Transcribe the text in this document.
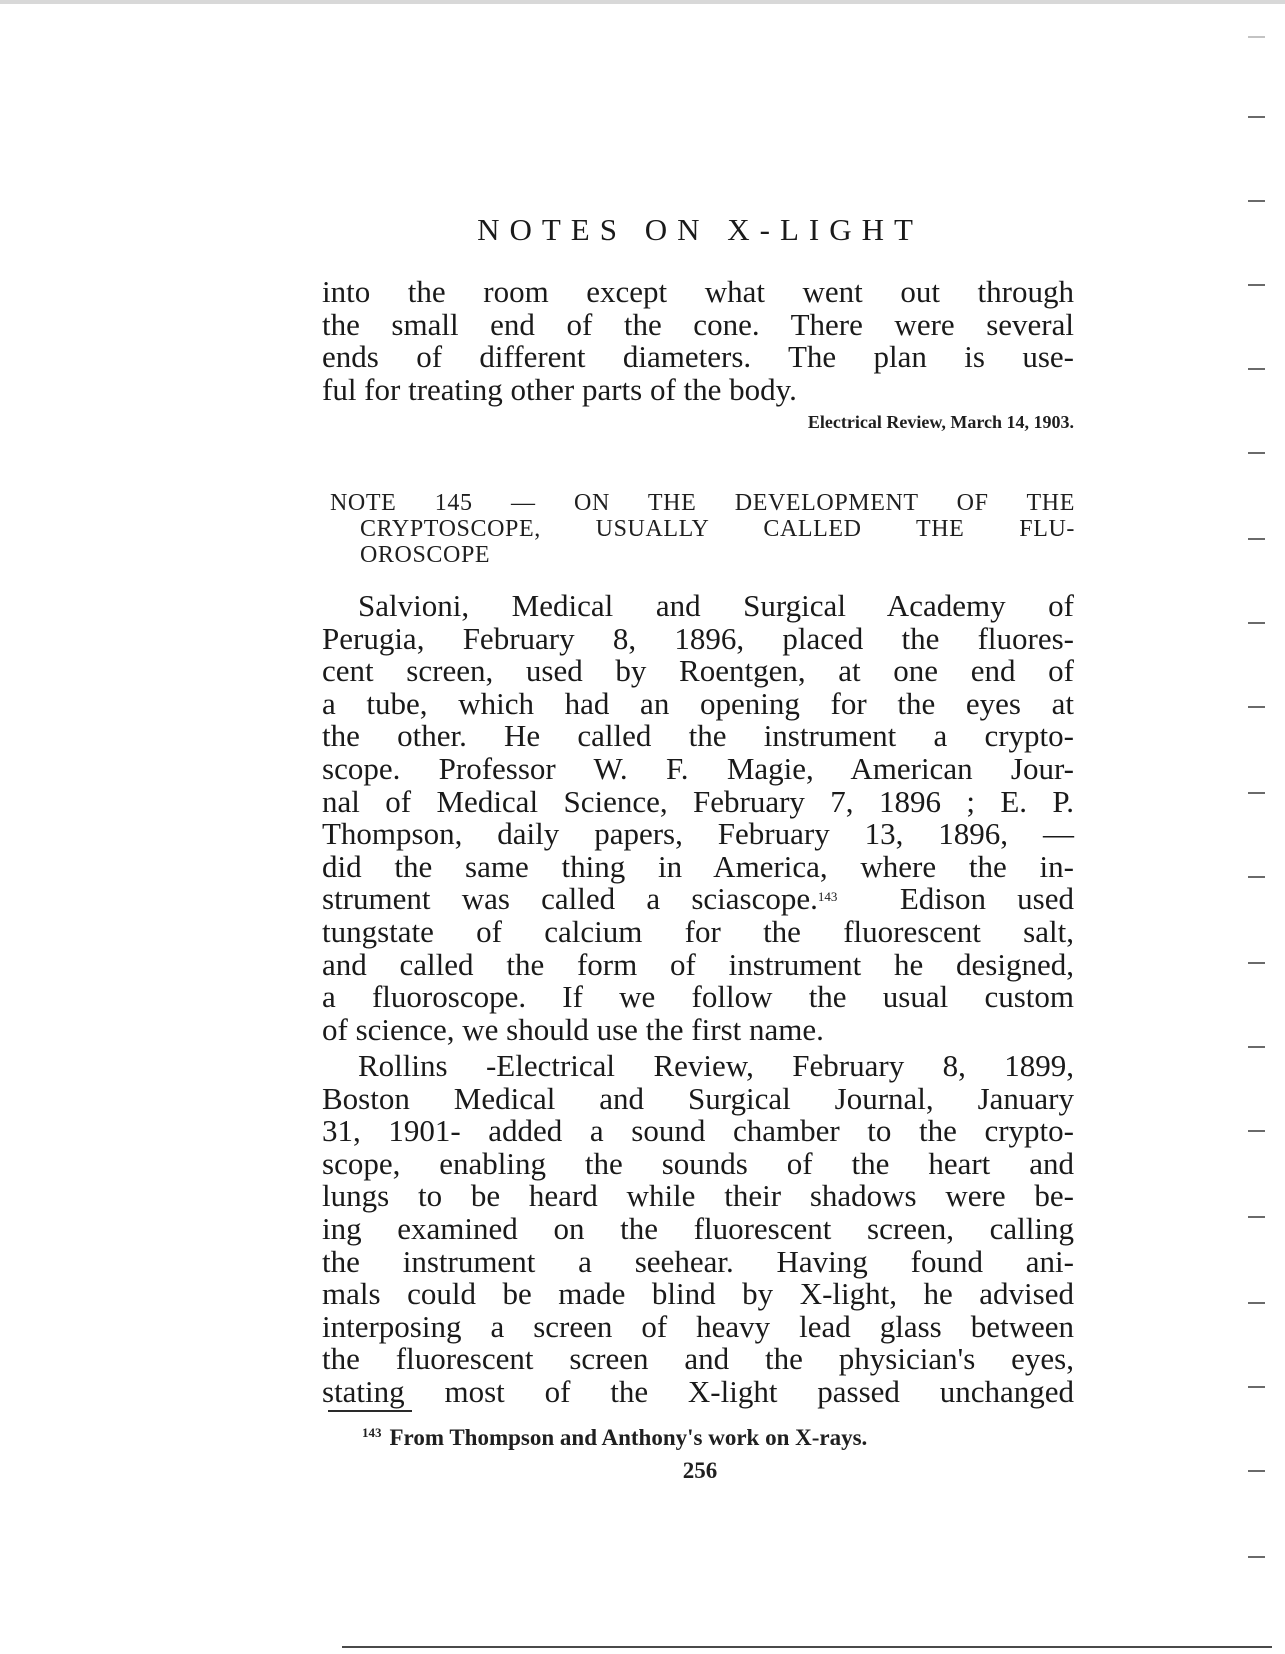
NOTES ON X-LIGHT
into the room except what went out through
the small end of the cone. There were several
ends of different diameters. The plan is use-
ful for treating other parts of the body.
Electrical Review, March 14, 1903.
NOTE 145 — ON THE DEVELOPMENT OF THE
CRYPTOSCOPE, USUALLY CALLED THE FLU-
OROSCOPE
Salvioni, Medical and Surgical Academy of
Perugia, February 8, 1896, placed the fluores-
cent screen, used by Roentgen, at one end of
a tube, which had an opening for the eyes at
the other. He called the instrument a crypto-
scope. Professor W. F. Magie, American Jour-
nal of Medical Science, February 7, 1896 ; E. P.
Thompson, daily papers, February 13, 1896, —
did the same thing in America, where the in-
strument was called a sciascope.$^{143}$  Edison used
tungstate of calcium for the fluorescent salt,
and called the form of instrument he designed,
a fluoroscope. If we follow the usual custom
of science, we should use the first name.
Rollins -Electrical Review, February 8, 1899,
Boston Medical and Surgical Journal, January
31, 1901- added a sound chamber to the crypto-
scope, enabling the sounds of the heart and
lungs to be heard while their shadows were be-
ing examined on the fluorescent screen, calling
the instrument a seehear. Having found ani-
mals could be made blind by X-light, he advised
interposing a screen of heavy lead glass between
the fluorescent screen and the physician's eyes,
stating most of the X-light passed unchanged
$^{143}$ From Thompson and Anthony's work on X-rays.
256
